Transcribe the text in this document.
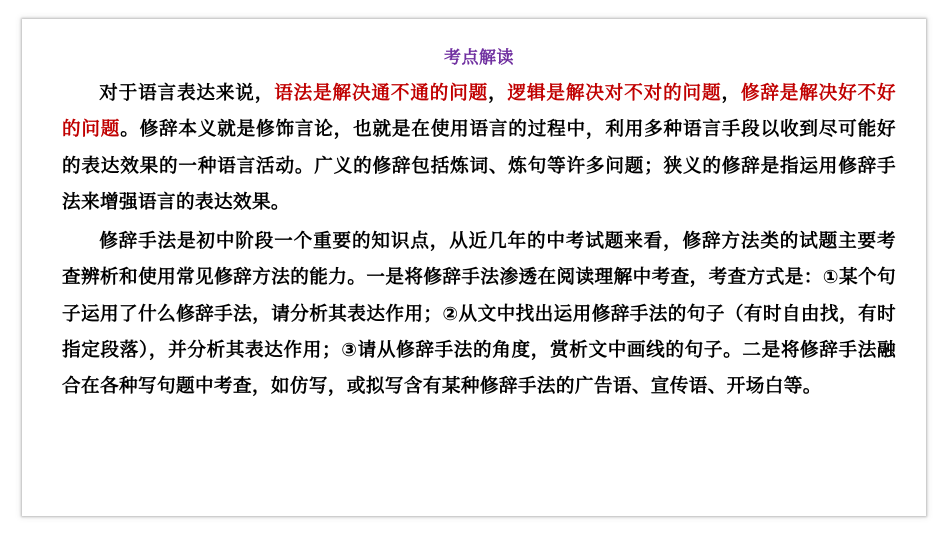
考点解读

对于语言表达来说，语法是解决通不通的问题，逻辑是解决对不对的问题，修辞是解决好不好的问题。修辞本义就是修饰言论，也就是在使用语言的过程中，利用多种语言手段以收到尽可能好的表达效果的一种语言活动。广义的修辞包括炼词、炼句等许多问题；狭义的修辞是指运用修辞手法来增强语言的表达效果。

修辞手法是初中阶段一个重要的知识点，从近几年的中考试题来看，修辞方法类的试题主要考查辨析和使用常见修辞方法的能力。一是将修辞手法渗透在阅读理解中考查，考查方式是：①某个句子运用了什么修辞手法，请分析其表达作用；②从文中找出运用修辞手法的句子（有时自由找，有时指定段落），并分析其表达作用；③请从修辞手法的角度，赏析文中画线的句子。二是将修辞手法融合在各种写句题中考查，如仿写，或拟写含有某种修辞手法的广告语、宣传语、开场白等。
